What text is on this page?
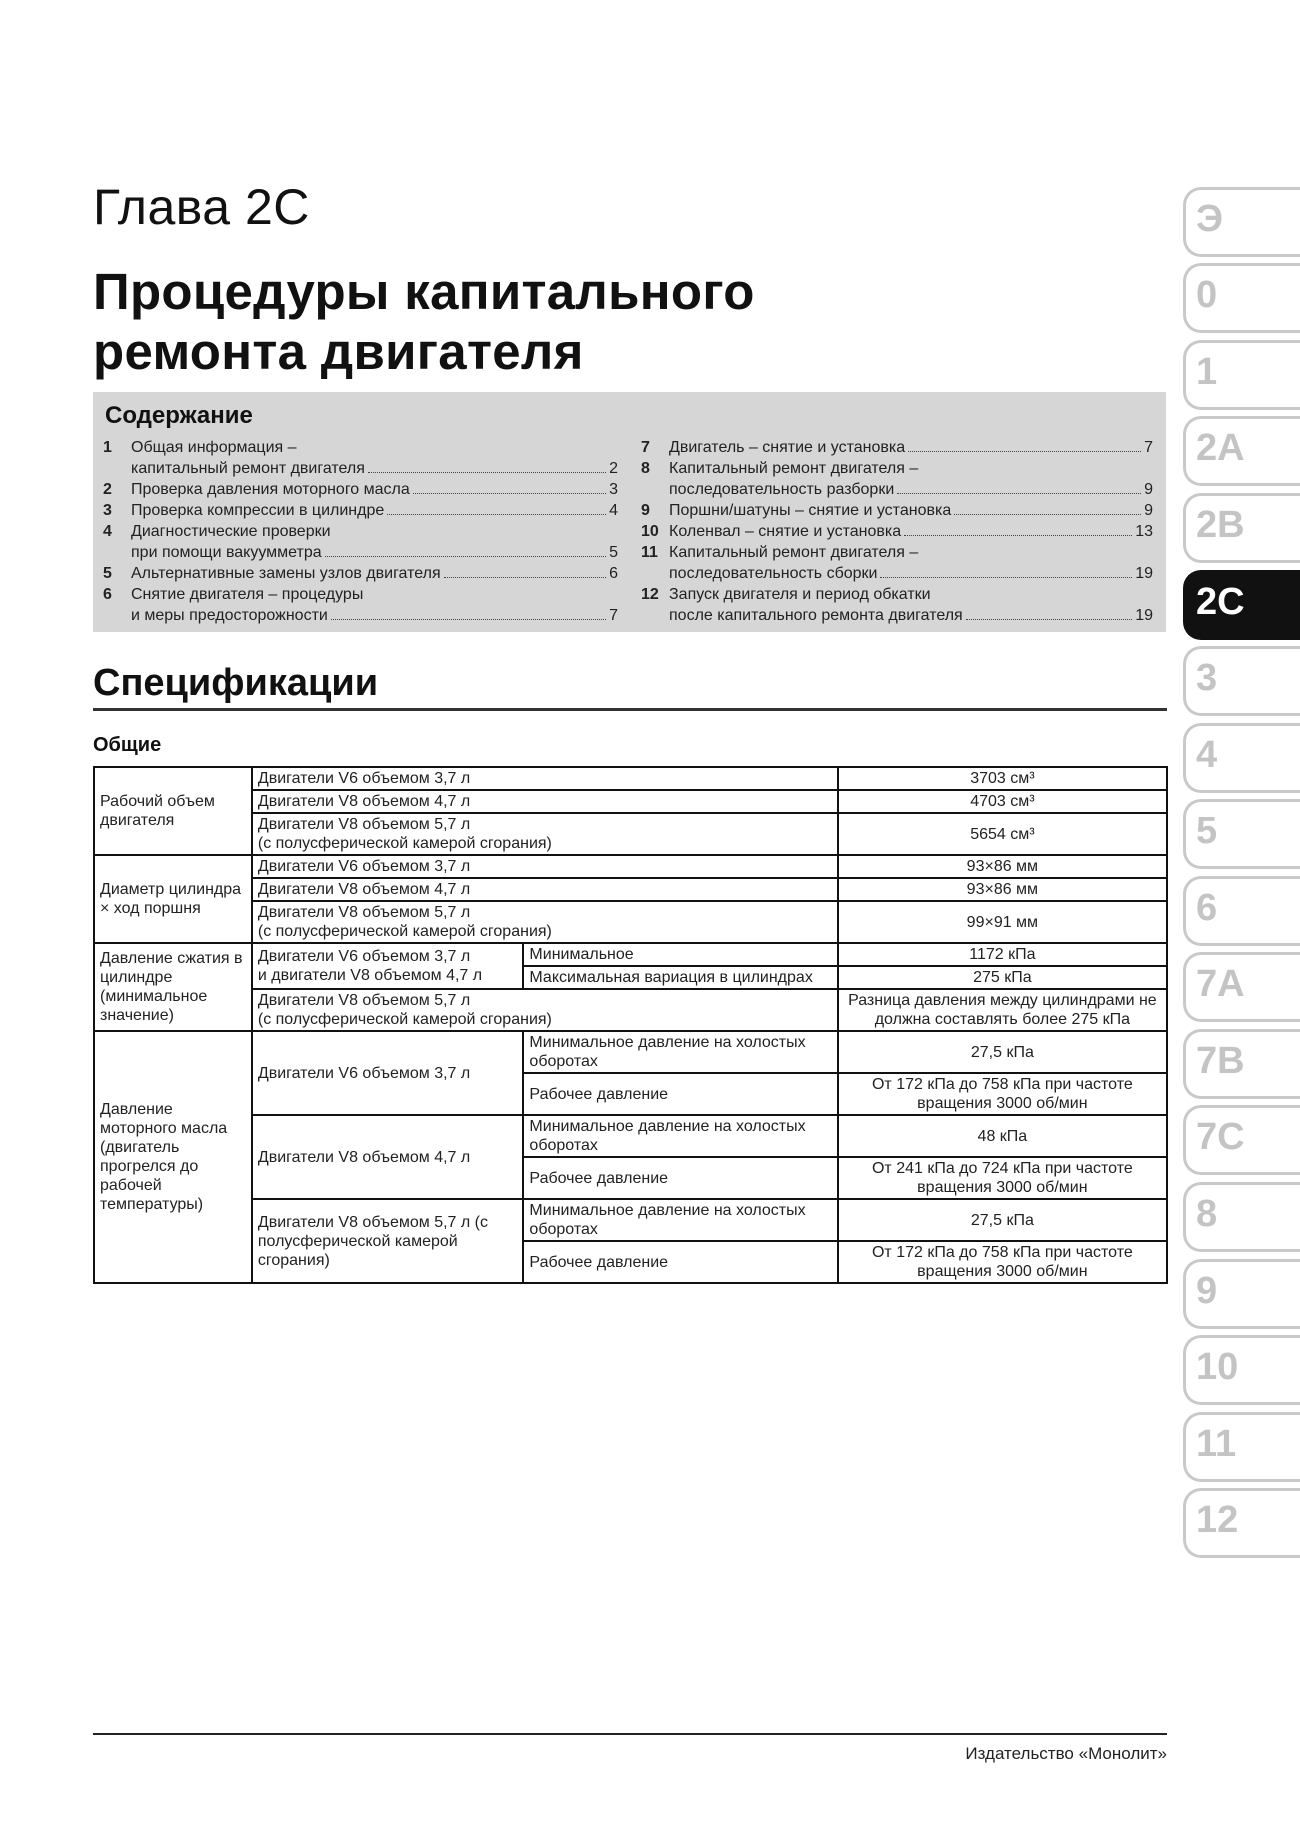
Глава 2С
Процедуры капитального
ремонта двигателя
Содержание
1	Общая информация –
капитальный ремонт двигателя	2
2	Проверка давления моторного масла	3
3	Проверка компрессии в цилиндре	4
4	Диагностические проверки
при помощи вакуумметра	5
5	Альтернативные замены узлов двигателя	6
6	Снятие двигателя – процедуры
и меры предосторожности	7
7	Двигатель – снятие и установка	7
8	Капитальный ремонт двигателя –
последовательность разборки	9
9	Поршни/шатуны – снятие и установка	9
10 Коленвал – снятие и установка	13
11 Капитальный ремонт двигателя –
последовательность сборки	19
12 Запуск двигателя и период обкатки
после капитального ремонта двигателя	19
Спецификации
Общие
Рабочий объем двигателя	Двигатели V6 объемом 3,7 л		3703 см³
	Двигатели V8 объемом 4,7 л		4703 см³

	Двигатели V8 объемом 5,7 л
(с полусферической камерой сгорания)		5654 см³
Диаметр цилиндра × ход поршня	Двигатели V6 объемом 3,7 л		93×86 мм
	Двигатели V8 объемом 4,7 л		93×86 мм

	Двигатели V8 объемом 5,7 л
(с полусферической камерой сгорания)		99×91 мм
Давление сжатия в цилиндре (минимальное значение)	Двигатели V6 объемом 3,7 л
и двигатели V8 объемом 4,7 л	Минимальное	1172 кПа
		Максимальная вариация в цилиндрах	275 кПа

	Двигатели V8 объемом 5,7 л
(с полусферической камерой сгорания)		Разница давления между цилиндрами не должна составлять более 275 кПа
Давление моторного масла (двигатель прогрелся до рабочей температуры)	Двигатели V6 объемом 3,7 л	Минимальное давление на холостых оборотах	27,5 кПа
		Рабочее давление	От 172 кПа до 758 кПа при частоте вращения 3000 об/мин
	Двигатели V8 объемом 4,7 л	Минимальное давление на холостых оборотах	48 кПа
		Рабочее давление	От 241 кПа до 724 кПа при частоте вращения 3000 об/мин
	Двигатели V8 объемом 5,7 л (с полусферической камерой сгорания)	Минимальное давление на холостых оборотах	27,5 кПа
		Рабочее давление	От 172 кПа до 758 кПа при частоте вращения 3000 об/мин
Э
0
1
2A
2B
2C
3
4
5
6
7A
7B
7C
8
9
10
11
12
Издательство «Монолит»
